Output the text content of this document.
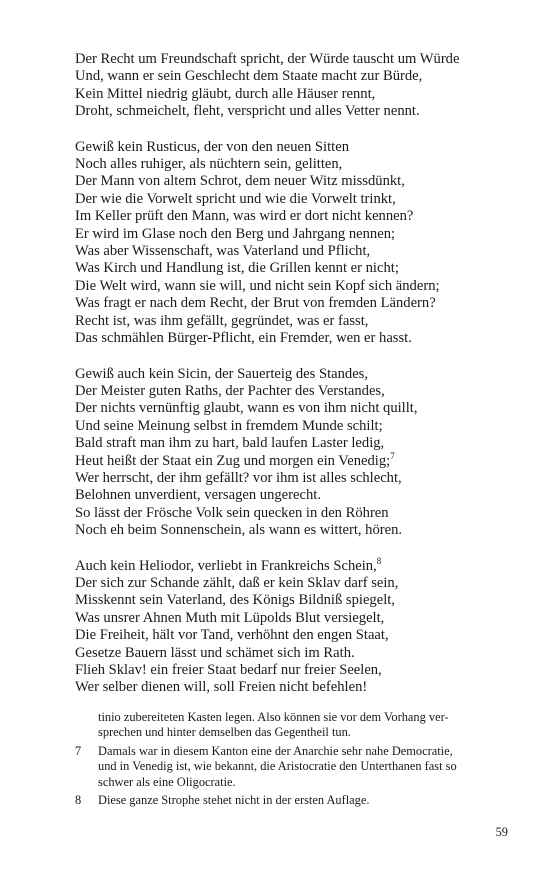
Der Recht um Freundschaft spricht, der Würde tauscht um Würde
Und, wann er sein Geschlecht dem Staate macht zur Bürde,
Kein Mittel niedrig gläubt, durch alle Häuser rennt,
Droht, schmeichelt, fleht, verspricht und alles Vetter nennt.
Gewiß kein Rusticus, der von den neuen Sitten
Noch alles ruhiger, als nüchtern sein, gelitten,
Der Mann von altem Schrot, dem neuer Witz missdünkt,
Der wie die Vorwelt spricht und wie die Vorwelt trinkt,
Im Keller prüft den Mann, was wird er dort nicht kennen?
Er wird im Glase noch den Berg und Jahrgang nennen;
Was aber Wissenschaft, was Vaterland und Pflicht,
Was Kirch und Handlung ist, die Grillen kennt er nicht;
Die Welt wird, wann sie will, und nicht sein Kopf sich ändern;
Was fragt er nach dem Recht, der Brut von fremden Ländern?
Recht ist, was ihm gefällt, gegründet, was er fasst,
Das schmählen Bürger-Pflicht, ein Fremder, wen er hasst.
Gewiß auch kein Sicin, der Sauerteig des Standes,
Der Meister guten Raths, der Pachter des Verstandes,
Der nichts vernünftig glaubt, wann es von ihm nicht quillt,
Und seine Meinung selbst in fremdem Munde schilt;
Bald straft man ihm zu hart, bald laufen Laster ledig,
Heut heißt der Staat ein Zug und morgen ein Venedig;$^7$
Wer herrscht, der ihm gefällt? vor ihm ist alles schlecht,
Belohnen unverdient, versagen ungerecht.
So lässt der Frösche Volk sein quecken in den Röhren
Noch eh beim Sonnenschein, als wann es wittert, hören.
Auch kein Heliodor, verliebt in Frankreichs Schein,$^8$
Der sich zur Schande zählt, daß er kein Sklav darf sein,
Misskennt sein Vaterland, des Königs Bildniß spiegelt,
Was unsrer Ahnen Muth mit Lüpolds Blut versiegelt,
Die Freiheit, hält vor Tand, verhöhnt den engen Staat,
Gesetze Bauern lässt und schämet sich im Rath.
Flieh Sklav! ein freier Staat bedarf nur freier Seelen,
Wer selber dienen will, soll Freien nicht befehlen!
tinio zubereiteten Kasten legen. Also können sie vor dem Vorhang ver-
sprechen und hinter demselben das Gegentheil tun.
7 Damals war in diesem Kanton eine der Anarchie sehr nahe Democratie,
und in Venedig ist, wie bekannt, die Aristocratie den Unterthanen fast so
schwer als eine Oligocratie.
8 Diese ganze Strophe stehet nicht in der ersten Auflage.
59
